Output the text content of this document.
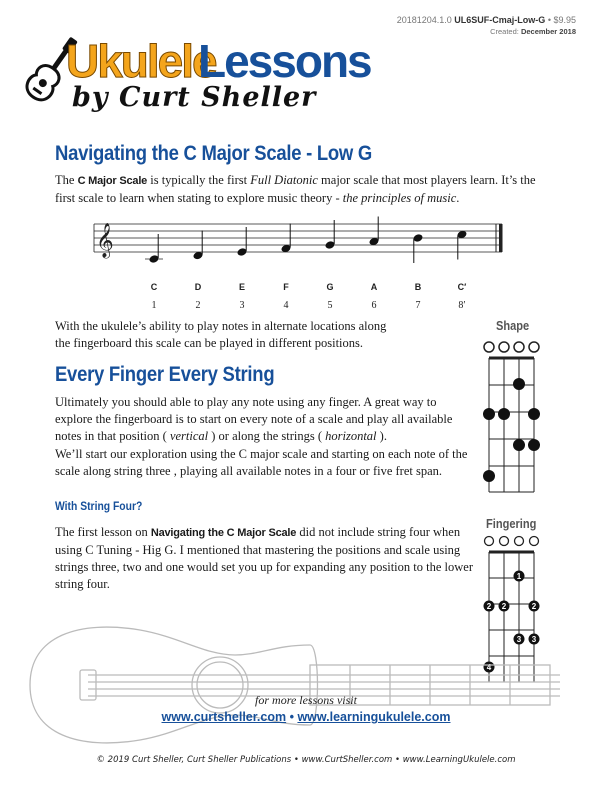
20181204.1.0 UL6SUF-Cmaj-Low-G • $9.95
Created: December 2018
Ukulele
Lessons
by Curt Sheller
Navigating the C Major Scale - Low G

The C Major Scale is typically the first Full Diatonic major scale that most players learn. It’s the first scale to learn when stating to explore music theory - the principles of music.

𝄞
C
1
D
2
E
3
F
4
G
5
A
6
B
7
C′
8′

With the ukulele’s ability to play notes in alternate locations along the fingerboard this scale can be played in different positions.

Shape
Every Finger Every String

Ultimately you should able to play any note using any finger. A great way to explore the fingerboard is to start on every note of a scale and play all available notes in that position ( vertical ) or along the strings ( horizontal ).

We’ll start our exploration using the C major scale and starting on each note of the scale along string three , playing all available notes in a four or five fret span.

With String Four?

The first lesson on Navigating the C Major Scale did not include string four when using C Tuning - Hig G. I mentioned that mastering the positions and scale using strings three, two and one would set you up for expanding any position to the lower string four.

Fingering
1
2 2	2
3 3
4
for more lessons visit
www.curtsheller.com • www.learningukulele.com
© 2019 Curt Sheller, Curt Sheller Publications • www.CurtSheller.com • www.LearningUkulele.com
